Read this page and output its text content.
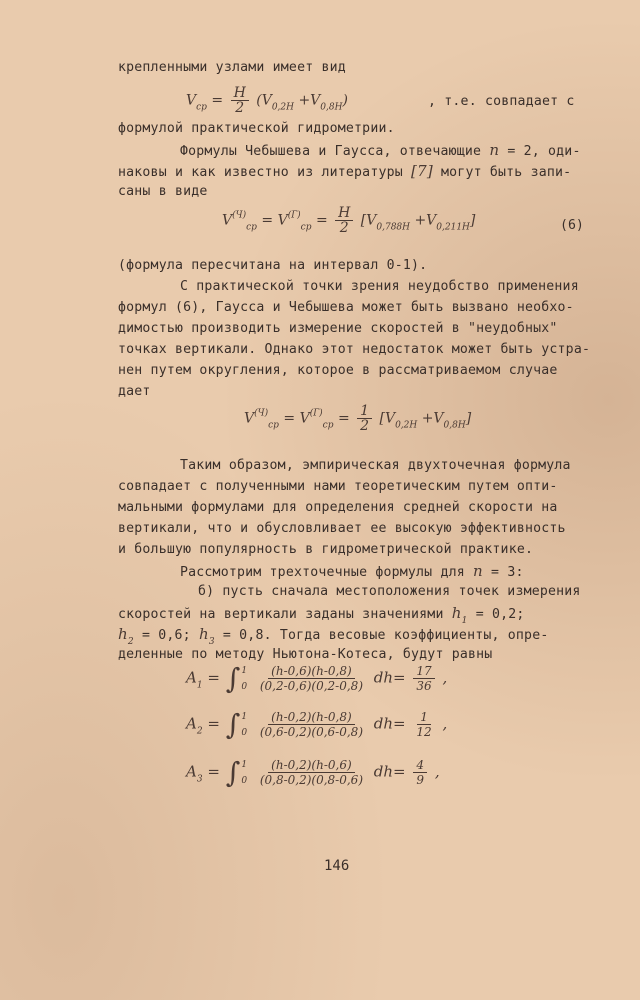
крепленными узлами имеет вид
$V_{ср} = \frac{H}{2} (V_{0,2H} +V_{0,8H})$	, т.е. совпадает с
формулой практической гидрометрии.
Формулы Чебышева и Гаусса, отвечающие n = 2, оди-
наковы и как известно из литературы [7] могут быть запи-
саны в виде
$V^{(Ч)}_{ср} = V^{(Г)}_{ср} = \frac{H}{2} [V_{0,788H} +V_{0,211H}]$	(6)
(формула пересчитана на интервал 0-1).
С практической точки зрения неудобство применения
формул (6), Гаусса и Чебышева может быть вызвано необхо-
димостью производить измерение скоростей в "неудобных"
точках вертикали. Однако этот недостаток может быть устра-
нен путем округления, которое в рассматриваемом случае
дает
$V^{(Ч)}_{ср} = V^{(Г)}_{ср} = \frac{1}{2} [V_{0,2H} +V_{0,8H}]$
Таким образом, эмпирическая двухточечная формула
совпадает с полученными нами теоретическим путем опти-
мальными формулами для определения средней скорости на
вертикали, что и обусловливает ее высокую эффективность
и большую популярность в гидрометрической практике.
Рассмотрим трехточечные формулы для n = 3:
б) пусть сначала местоположения точек измерения
скоростей на вертикали заданы значениями $h_1 = 0,2$;
$h_2 = 0,6$; $h_3 = 0,8$. Тогда весовые коэффициенты, опре-
деленные по методу Ньютона-Котеса, будут равны
$A_1$ = ∫ 1
0
$\frac{(h-0,6)(h-0,8)}{(0,2-0,6)(0,2-0,8)} dh= \frac{17}{36}$ ,
$A_2$ = ∫ 1
0
$\frac{(h-0,2)(h-0,8)}{(0,6-0,2)(0,6-0,8)} dh= \frac{1}{12}$ ,
$A_3$ = ∫ 1
0
$\frac{(h-0,2)(h-0,6)}{(0,8-0,2)(0,8-0,6)} dh= \frac{4}{9}$ ,
146
